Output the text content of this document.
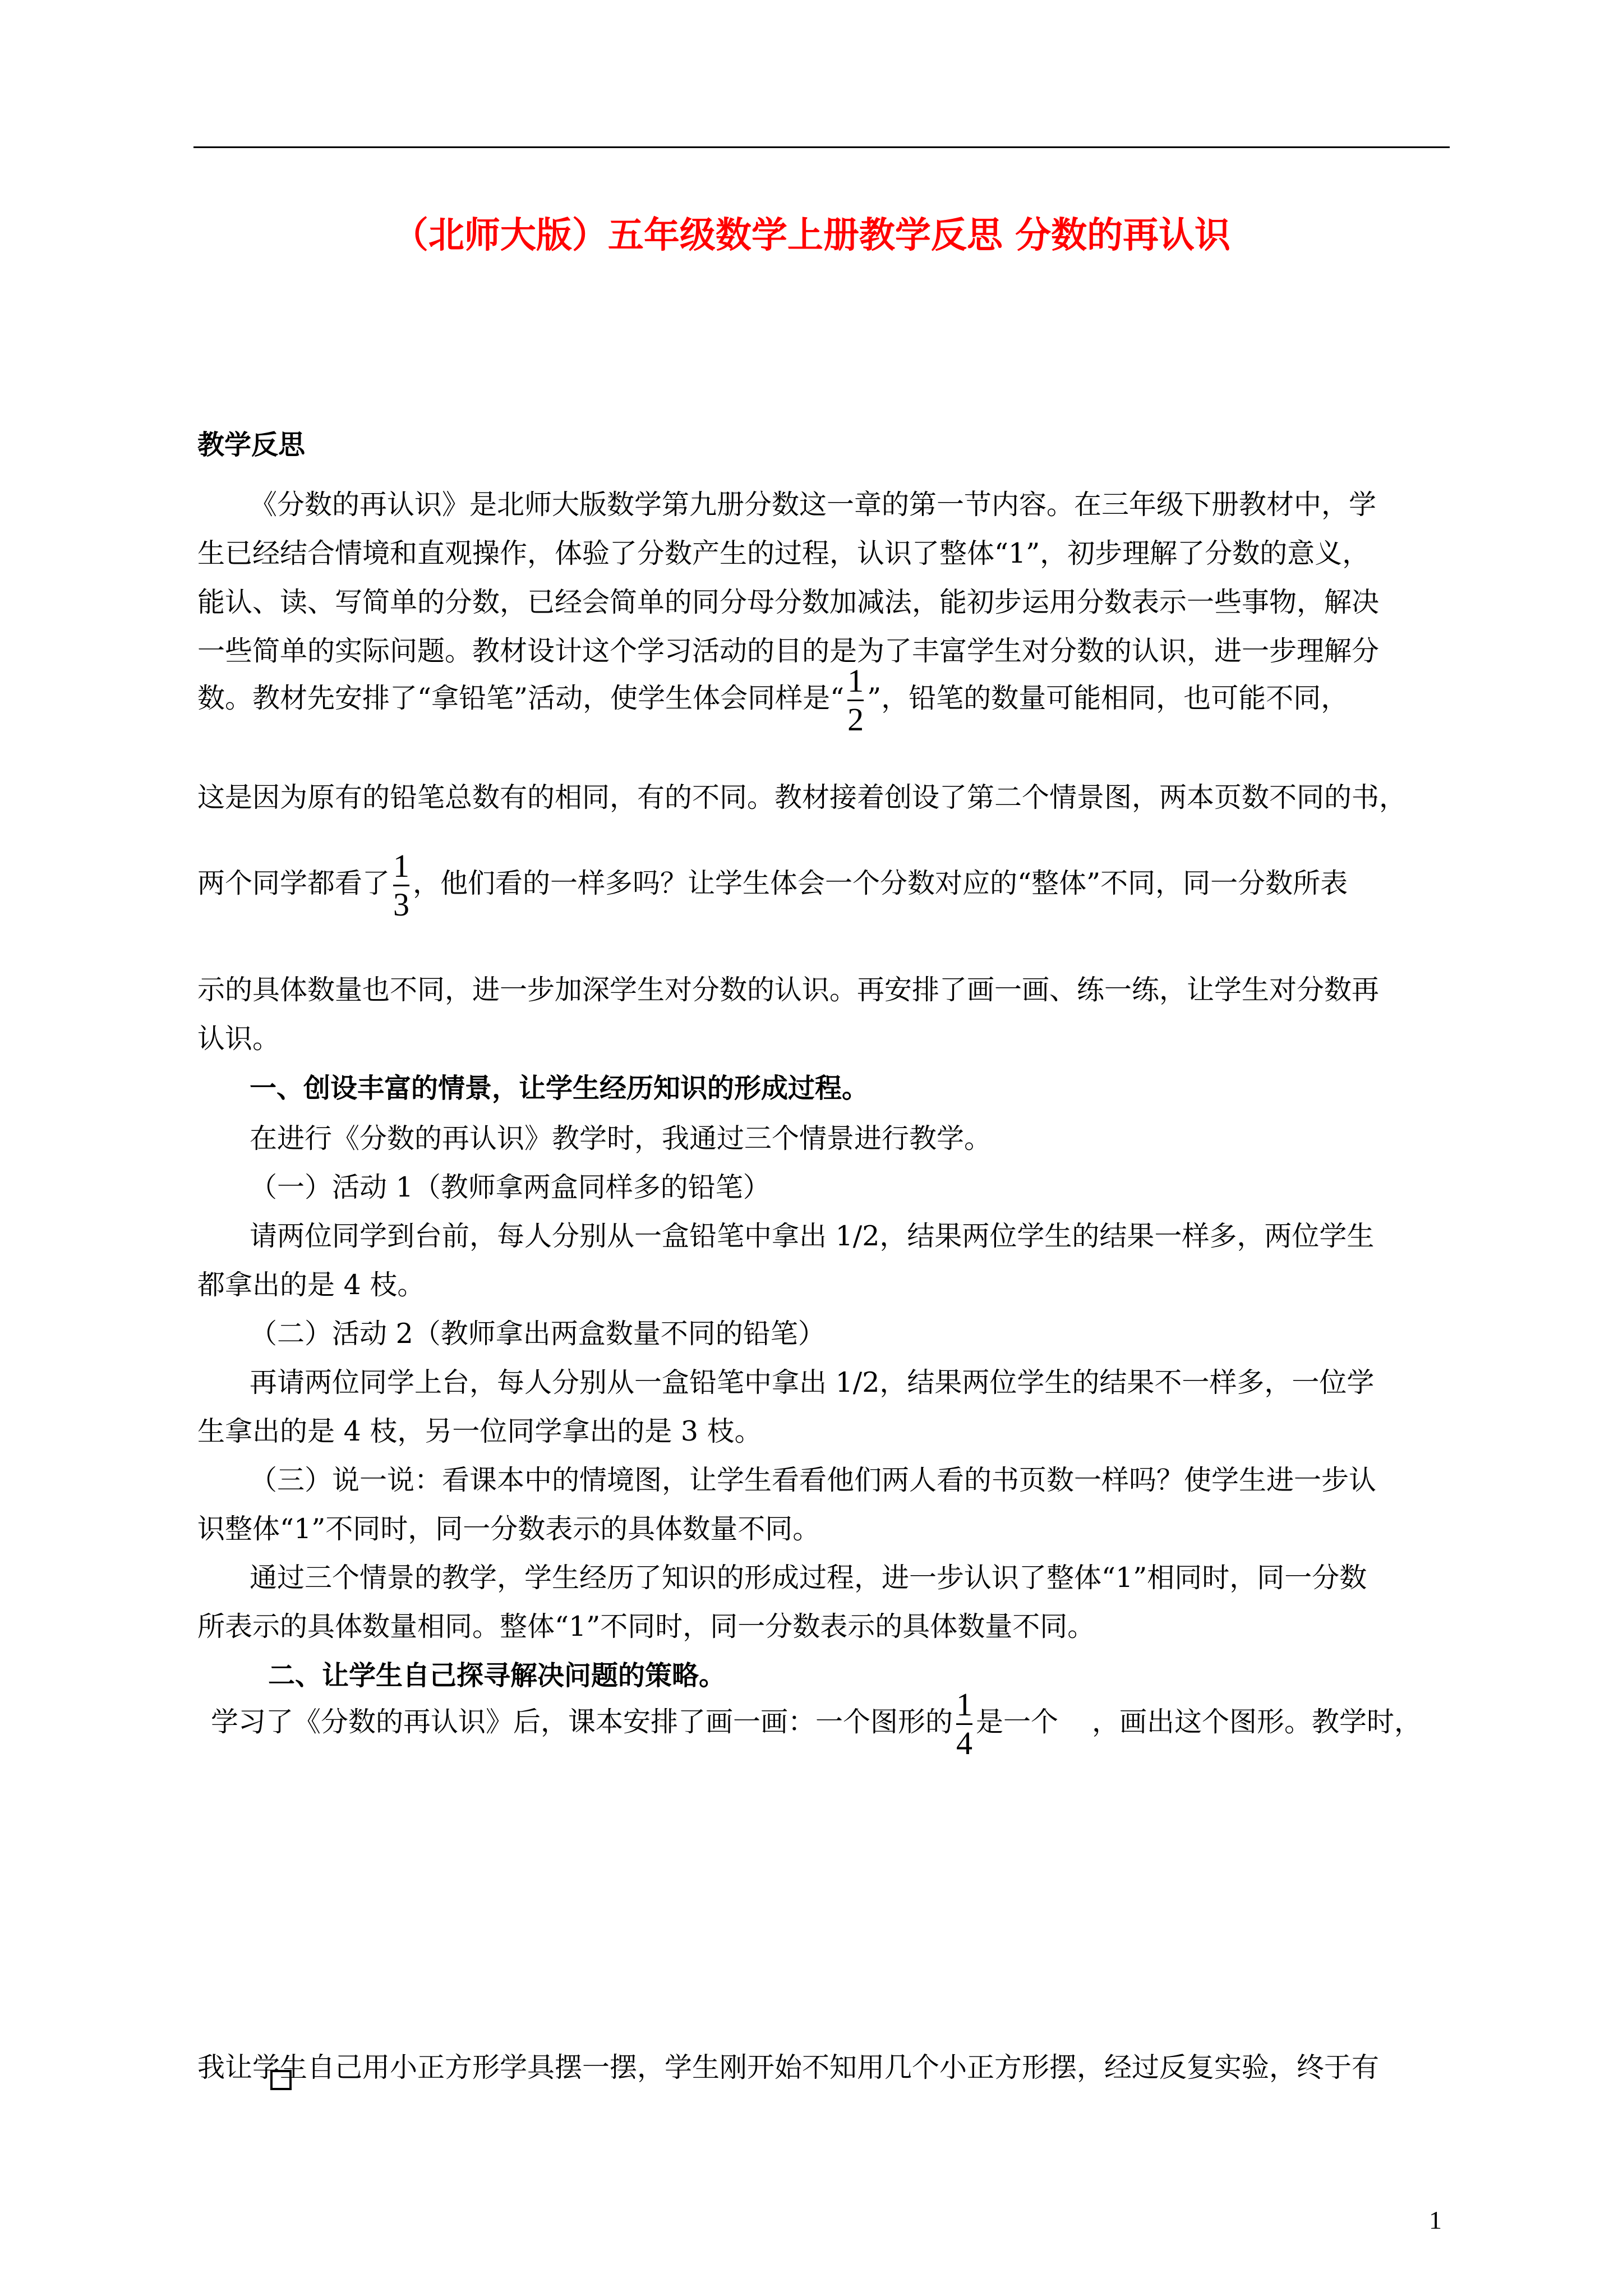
（北师大版）五年级数学上册教学反思 分数的再认识
教学反思
《分数的再认识》是北师大版数学第九册分数这一章的第一节内容。在三年级下册教材中，学
生已经结合情境和直观操作，体验了分数产生的过程，认识了整体“1”，初步理解了分数的意义，
能认、读、写简单的分数，已经会简单的同分母分数加减法，能初步运用分数表示一些事物，解决
一些简单的实际问题。教材设计这个学习活动的目的是为了丰富学生对分数的认识，进一步理解分
数。教材先安排了“拿铅笔”活动，使学生体会同样是“ $\frac{1}{2}$ ”，铅笔的数量可能相同，也可能不同，
这是因为原有的铅笔总数有的相同，有的不同。教材接着创设了第二个情景图，两本页数不同的书，
两个同学都看了 $\frac{1}{3}$ ，他们看的一样多吗？让学生体会一个分数对应的“整体”不同，同一分数所表
示的具体数量也不同，进一步加深学生对分数的认识。再安排了画一画、练一练，让学生对分数再
认识。
一、创设丰富的情景，让学生经历知识的形成过程。
在进行《分数的再认识》教学时，我通过三个情景进行教学。
（一）活动 1（教师拿两盒同样多的铅笔）
请两位同学到台前，每人分别从一盒铅笔中拿出 1/2，结果两位学生的结果一样多，两位学生
都拿出的是 4 枝。
（二）活动 2（教师拿出两盒数量不同的铅笔）
再请两位同学上台，每人分别从一盒铅笔中拿出 1/2，结果两位学生的结果不一样多，一位学
生拿出的是 4 枝，另一位同学拿出的是 3 枝。
（三）说一说：看课本中的情境图，让学生看看他们两人看的书页数一样吗？使学生进一步认
识整体“1”不同时，同一分数表示的具体数量不同。
通过三个情景的教学，学生经历了知识的形成过程，进一步认识了整体“1”相同时，同一分数
所表示的具体数量相同。整体“1”不同时，同一分数表示的具体数量不同。
二、让学生自己探寻解决问题的策略。
学习了《分数的再认识》后，课本安排了画一画：一个图形的 $\frac{1}{4}$ 是一个 ，画出这个图形。教学时，
我让学生自己用小正方形学具摆一摆，学生刚开始不知用几个小正方形摆，经过反复实验，终于有
1
